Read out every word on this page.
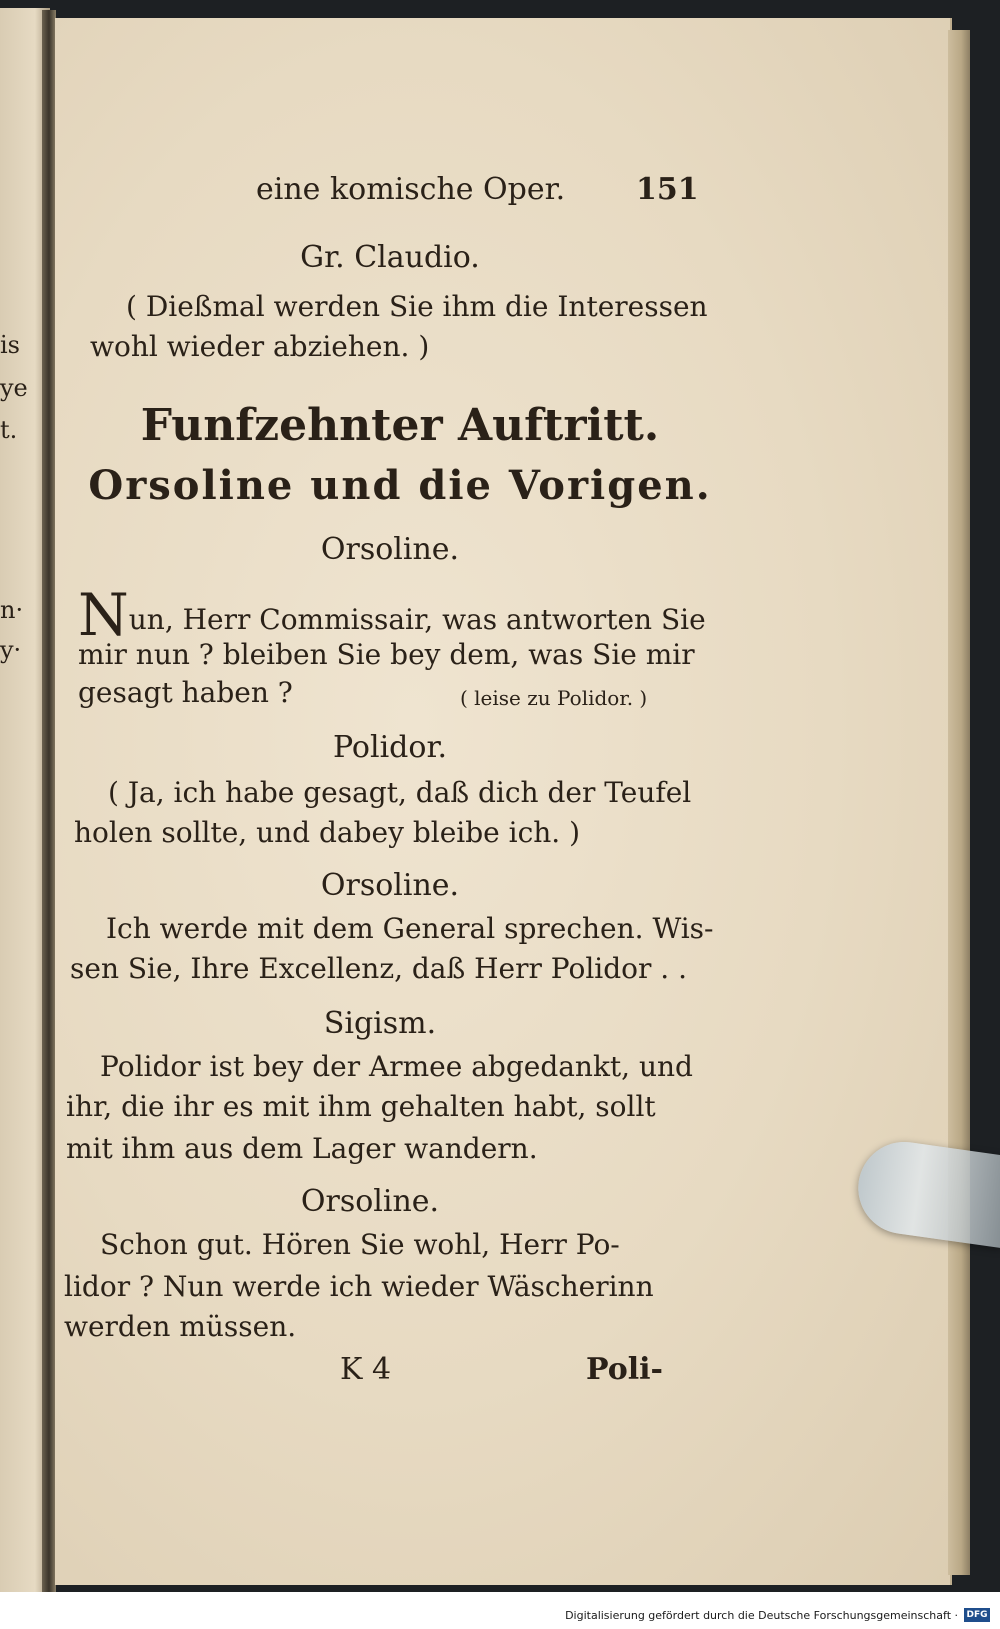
is
ye
t.
n·
y·
eine komische Oper. 151
Gr. Claudio.
( Dießmal werden Sie ihm die Interessen
wohl wieder abziehen. )
Funfzehnter Auftritt.
Orsoline und die Vorigen.
Orsoline.
Nun, Herr Commissair, was antworten Sie
mir nun ? bleiben Sie bey dem, was Sie mir
gesagt haben ?	( leise zu Polidor. )
Polidor.
( Ja, ich habe gesagt, daß dich der Teufel
holen sollte, und dabey bleibe ich. )
Orsoline.
Ich werde mit dem General sprechen. Wis-
sen Sie, Ihre Excellenz, daß Herr Polidor . .
Sigism.
Polidor ist bey der Armee abgedankt, und
ihr, die ihr es mit ihm gehalten habt, sollt
mit ihm aus dem Lager wandern.
Orsoline.
Schon gut. Hören Sie wohl, Herr Po-
lidor ? Nun werde ich wieder Wäscherinn
werden müssen.
K 4	Poli-
Digitalisierung gefördert durch die Deutsche Forschungsgemeinschaft · DFG
